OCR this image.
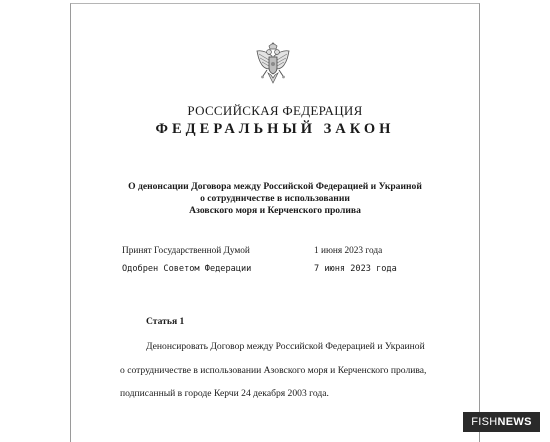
РОССИЙСКАЯ ФЕДЕРАЦИЯ
ФЕДЕРАЛЬНЫЙ ЗАКОН
О денонсации Договора между Российской Федерацией и Украиной
о сотрудничестве в использовании
Азовского моря и Керченского пролива
Принят Государственной Думой	1 июня 2023 года
Одобрен Советом Федерации	7 июня 2023 года
Статья 1
Денонсировать Договор между Российской Федерацией и Украиной
о сотрудничестве в использовании Азовского моря и Керченского пролива,
подписанный в городе Керчи 24 декабря 2003 года.
FISH NEWS
